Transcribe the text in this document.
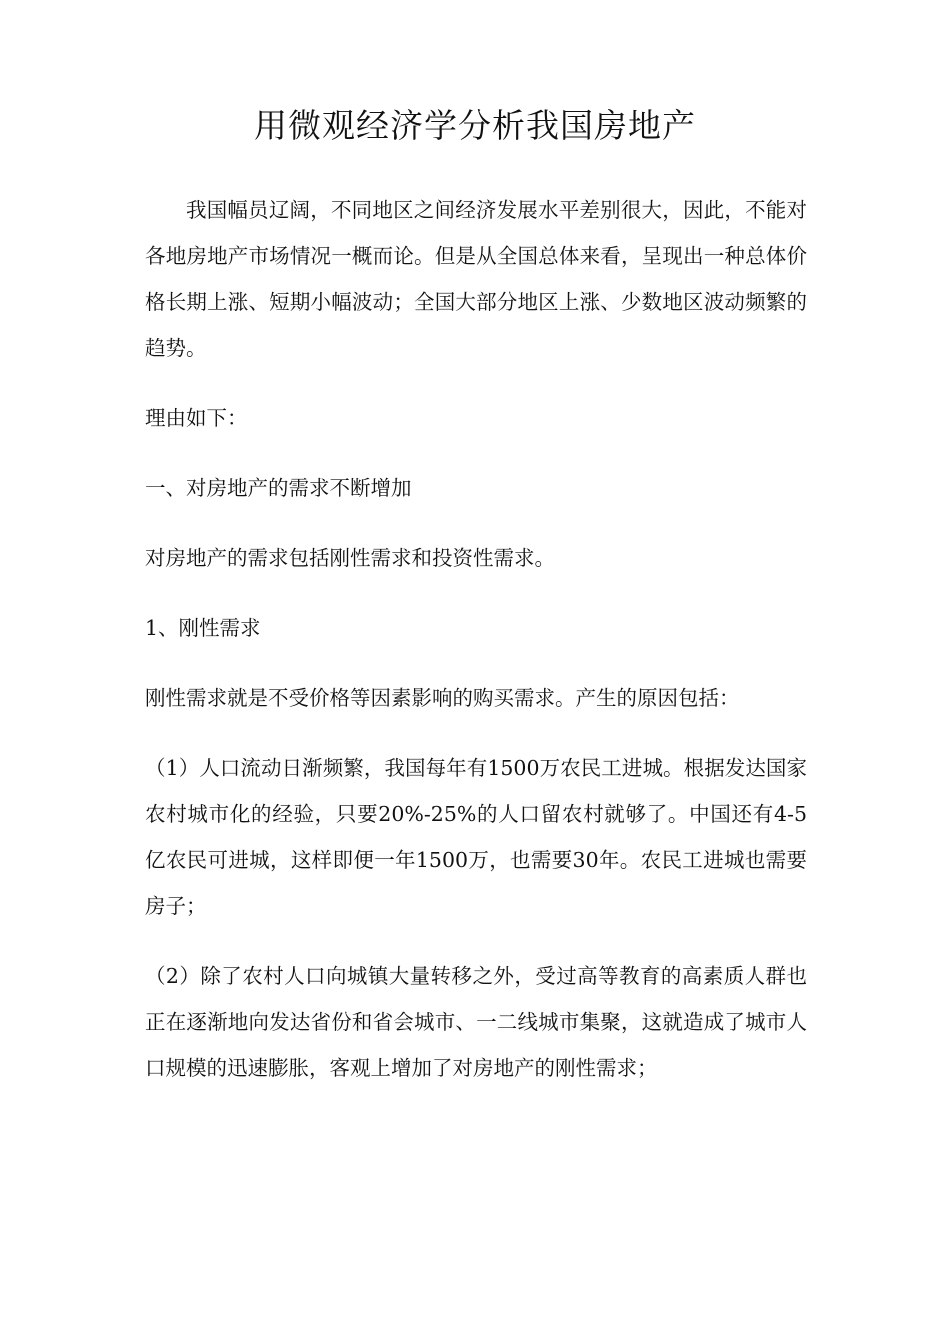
用微观经济学分析我国房地产

我国幅员辽阔，不同地区之间经济发展水平差别很大，因此，不能对各地房地产市场情况一概而论。但是从全国总体来看，呈现出一种总体价格长期上涨、短期小幅波动；全国大部分地区上涨、少数地区波动频繁的趋势。

理由如下：

一、对房地产的需求不断增加

对房地产的需求包括刚性需求和投资性需求。

1、刚性需求

刚性需求就是不受价格等因素影响的购买需求。产生的原因包括：

（1）人口流动日渐频繁，我国每年有1500万农民工进城。根据发达国家农村城市化的经验，只要20%-25%的人口留农村就够了。中国还有4-5亿农民可进城，这样即便一年1500万，也需要30年。农民工进城也需要房子；

（2）除了农村人口向城镇大量转移之外，受过高等教育的高素质人群也正在逐渐地向发达省份和省会城市、一二线城市集聚，这就造成了城市人口规模的迅速膨胀，客观上增加了对房地产的刚性需求；
